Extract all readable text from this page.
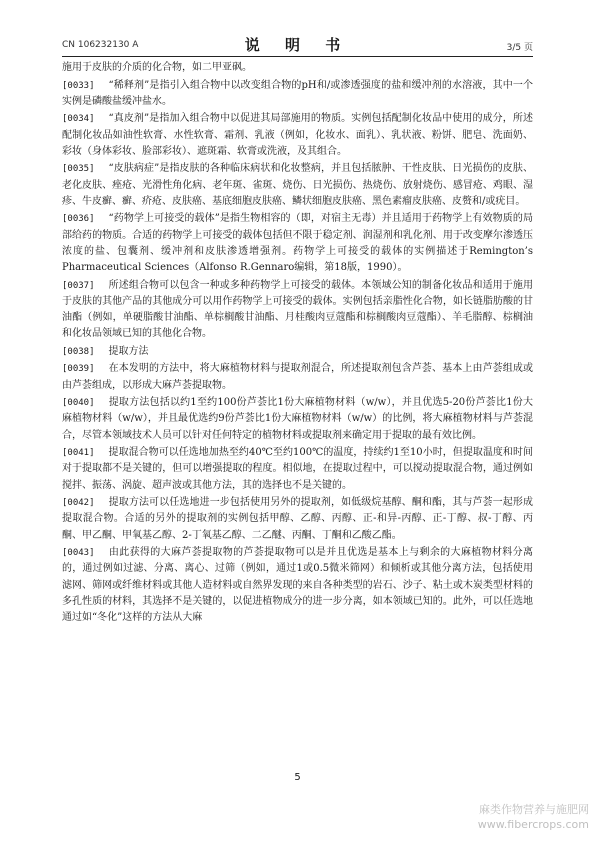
CN 106232130 A	说 明 书	3/5 页

施用于皮肤的介质的化合物，如二甲亚砜。

[0033] “稀释剂”是指引入组合物中以改变组合物的pH和/或渗透强度的盐和缓冲剂的水溶液，其中一个实例是磷酸盐缓冲盐水。

[0034] “真皮剂”是指加入组合物中以促进其局部施用的物质。实例包括配制化妆品中使用的成分，所述配制化妆品如油性软膏、水性软膏、霜剂、乳液（例如，化妆水、面乳）、乳状液、粉饼、肥皂、洗面奶、彩妆（身体彩妆、脸部彩妆）、遮斑霜、软膏或洗液，及其组合。

[0035] “皮肤病症”是指皮肤的各种临床病状和化妆整病，并且包括脓肿、干性皮肤、日光损伤的皮肤、老化皮肤、痤疮、光滑性角化病、老年斑、雀斑、烧伤、日光损伤、热烧伤、放射烧伤、感冒疮、鸡眼、湿疹、牛皮癣、癣、疥疮、皮肤癌、基底细胞皮肤癌、鳞状细胞皮肤癌、黑色素瘤皮肤癌、皮赘和/或疣目。

[0036] “药物学上可接受的载体”是指生物相容的（即，对宿主无毒）并且适用于药物学上有效物质的局部给药的物质。合适的药物学上可接受的载体包括但不限于稳定剂、润湿剂和乳化剂、用于改变摩尔渗透压浓度的盐、包囊剂、缓冲剂和皮肤渗透增强剂。药物学上可接受的载体的实例描述于Remington’s Pharmaceutical Sciences（Alfonso R.Gennaro编辑，第18版，1990）。

[0037] 所述组合物可以包含一种或多种药物学上可接受的载体。本领域公知的制备化妆品和适用于施用于皮肤的其他产品的其他成分可以用作药物学上可接受的载体。实例包括亲脂性化合物，如长链脂肪酸的甘油酯（例如，单硬脂酸甘油酯、单棕榈酸甘油酯、月桂酸肉豆蔻酯和棕榈酸肉豆蔻酯）、羊毛脂醇、棕榈油和化妆品领域已知的其他化合物。

[0038] 提取方法

[0039] 在本发明的方法中，将大麻植物材料与提取剂混合，所述提取剂包含芦荟、基本上由芦荟组成或由芦荟组成，以形成大麻芦荟提取物。

[0040] 提取方法包括以约1至约100份芦荟比1份大麻植物材料（w/w），并且优选5-20份芦荟比1份大麻植物材料（w/w），并且最优选约9份芦荟比1份大麻植物材料（w/w）的比例，将大麻植物材料与芦荟混合，尽管本领域技术人员可以针对任何特定的植物材料或提取剂来确定用于提取的最有效比例。

[0041] 提取混合物可以任选地加热至约40℃至约100℃的温度，持续约1至10小时，但提取温度和时间对于提取都不是关键的，但可以增强提取的程度。相似地，在提取过程中，可以搅动提取混合物，通过例如搅拌、振荡、涡旋、超声波或其他方法，其的选择也不是关键的。

[0042] 提取方法可以任选地进一步包括使用另外的提取剂，如低级烷基醇、酮和酯，其与芦荟一起形成提取混合物。合适的另外的提取剂的实例包括甲醇、乙醇、丙醇、正-和异-丙醇、正-丁醇、叔-丁醇、丙酮、甲乙酮、甲氧基乙醇、2-丁氧基乙醇、二乙醚、丙酮、丁酮和乙酸乙酯。

[0043] 由此获得的大麻芦荟提取物的芦荟提取物可以是并且优选是基本上与剩余的大麻植物材料分离的，通过例如过滤、分离、离心、过筛（例如，通过1或0.5微米筛网）和倾析或其他分离方法，包括使用滤网、筛网或纤维材料或其他人造材料或自然界发现的来自各种类型的岩石、沙子、粘土或木炭类型材料的多孔性质的材料，其选择不是关键的，以促进植物成分的进一步分离，如本领域已知的。此外，可以任选地通过如“冬化”这样的方法从大麻

5
麻类作物营养与施肥网
www.fibercrops.com
